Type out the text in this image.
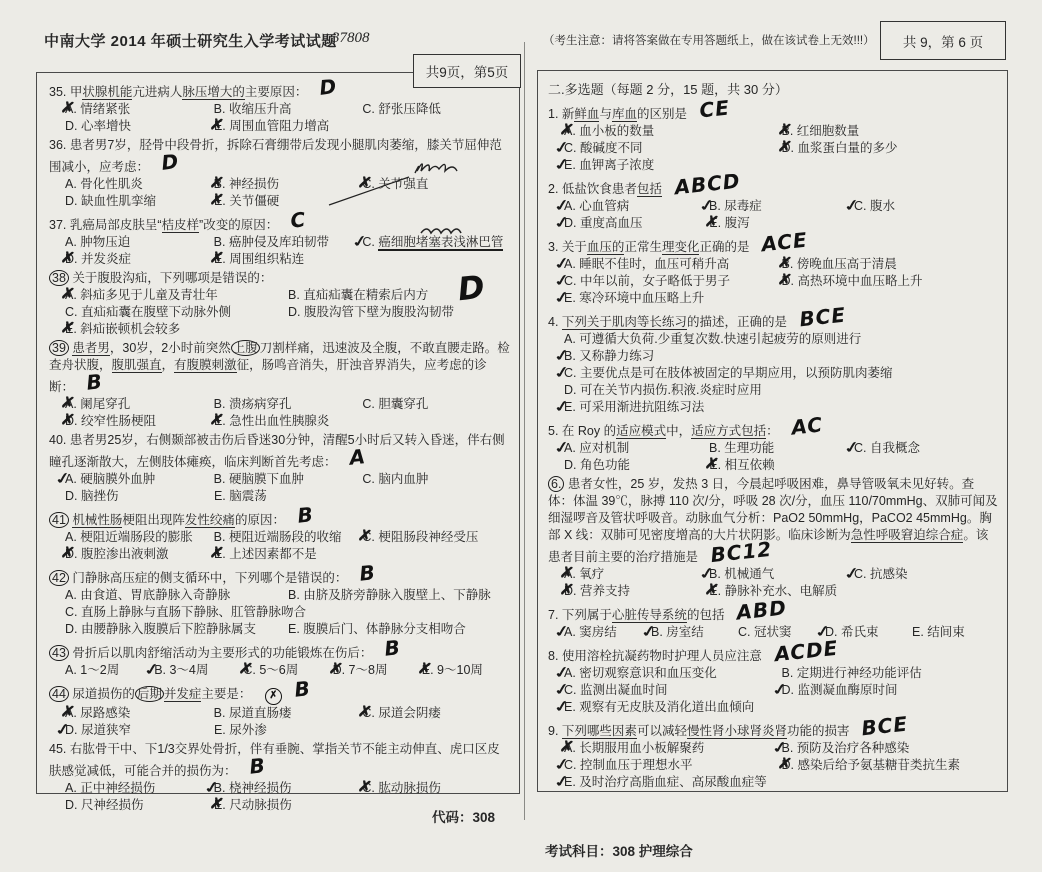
中南大学 2014 年硕士研究生入学考试试题
37808
共9页，第5页
35. 甲状腺机能亢进病人脉压增大的主要原因： D
A. ✗ 情绪紧张	B. 收缩压升高	C. 舒张压降低
D. 心率增快	E. ✗ 周围血管阻力增高
36. 患者男7岁，胫骨中段骨折，拆除石膏绷带后发现小腿肌肉萎缩，膝关节屈伸范围减小，应考虑： D
A. 骨化性肌炎	B. ✗ 神经损伤	C. ✗ 关节强直
D. 缺血性肌挛缩	E. ✗ 关节僵硬
37. 乳癌局部皮肤呈“桔皮样”改变的原因： C
A. 肿物压迫	B. 癌肿侵及库珀韧带	✓ C. 癌细胞堵塞表浅淋巴管
D. ✗ 并发炎症	E. ✗ 周围组织粘连
38 关于腹股沟疝，下列哪项是错误的：	D
A. ✗ 斜疝多见于儿童及青壮年	B. 直疝疝囊在精索后内方
C. 直疝疝囊在腹壁下动脉外侧	D. 腹股沟管下壁为腹股沟韧带
E. ✗ 斜疝嵌顿机会较多
39 患者男，30岁，2小时前突然 上腹 刀割样痛，迅速波及全腹，不敢直腰走路。检查舟状腹，腹肌强直，有腹膜刺激征，肠鸣音消失，肝浊音界消失，应考虑的诊断： B
A. ✗ 阑尾穿孔	B. 溃疡病穿孔	C. 胆囊穿孔
D. ✗ 绞窄性肠梗阻	E. ✗ 急性出血性胰腺炎
40. 患者男25岁，右侧颞部被击伤后昏迷30分钟，清醒5小时后又转入昏迷，伴右侧瞳孔逐渐散大，左侧肢体瘫痪，临床判断首先考虑： A
✓ A. 硬脑膜外血肿	B. 硬脑膜下血肿	C. 脑内血肿
D. 脑挫伤	E. 脑震荡
41 机械性肠梗阻出现阵发性绞痛的原因： B
A. 梗阻近端肠段的膨胀	B. 梗阻近端肠段的收缩	C. ✗ 梗阻肠段神经受压
D. ✗ 腹腔渗出液刺激	E. ✗ 上述因素都不是
42 门静脉高压症的侧支循环中，下列哪个是错误的： B
A. 由食道、胃底静脉入奇静脉	B. 由脐及脐旁静脉入腹壁上、下静脉
C. 直肠上静脉与直肠下静脉、肛管静脉吻合
D. 由腰静脉入腹膜后下腔静脉属支	E. 腹膜后门、体静脉分支相吻合
43 骨折后以肌肉舒缩活动为主要形式的功能锻炼在伤后： B
A. 1～2周	✓ B. 3～4周	C. ✗ 5～6周	D. ✗ 7～8周	E. ✗ 9～10周
44 尿道损伤的 后期 并发症主要是： ✗ B
A. ✗ 尿路感染	B. 尿道直肠瘘	C. ✗ 尿道会阴瘘
✓ D. 尿道狭窄	E. 尿外渗
45. 右肱骨干中、下1/3交界处骨折，伴有垂腕、掌指关节不能主动伸直、虎口区皮肤感觉减低，可能合并的损伤为： B
A. 正中神经损伤	✓ B. 桡神经损伤	C. ✗ 肱动脉损伤
D. 尺神经损伤	E. ✗ 尺动脉损伤
代码：308
（考生注意：请将答案做在专用答题纸上，做在该试卷上无效!!!）	共 9，第 6 页
二.多选题（每题 2 分，15 题，共 30 分）
1. 新鲜血与库血的区别是 CE
A. ✗ 血小板的数量	B. ✗ 红细胞数量
✓ C. 酸碱度不同	D. ✗ 血浆蛋白量的多少
✓ E. 血钾离子浓度
2. 低盐饮食患者包括 ABCD
✓ A. 心血管病	✓ B. 尿毒症	✓ C. 腹水
✓ D. 重度高血压	E. ✗ 腹泻
3. 关于血压的正常生理变化正确的是 ACE
✓ A. 睡眠不佳时，血压可稍升高	B. ✗ 傍晚血压高于清晨
✓ C. 中年以前，女子略低于男子	D. ✗ 高热环境中血压略上升
✓ E. 寒冷环境中血压略上升
4. 下列关于肌肉等长练习的描述，正确的是 BCE
A. 可遵循大负荷.少重复次数.快速引起疲劳的原则进行
✓ B. 又称静力练习
✓ C. 主要优点是可在肢体被固定的早期应用，以预防肌肉萎缩
D. 可在关节内损伤.积液.炎症时应用
✓ E. 可采用渐进抗阻练习法
5. 在 Roy 的适应模式中，适应方式包括： AC
✓ A. 应对机制	B. 生理功能	✓ C. 自我概念
D. 角色功能	E. ✗ 相互依赖
6. 患者女性，25 岁，发热 3 日，今晨起呼吸困难，鼻导管吸氧未见好转。查体：体温 39℃，脉搏 110 次/分，呼吸 28 次/分，血压 110/70mmHg、双肺可闻及细湿啰音及管状呼吸音。动脉血气分析：PaO2 50mmHg，PaCO2 45mmHg。胸部 X 线：双肺可见密度增高的大片状阴影。临床诊断为急性呼吸窘迫综合症。该患者目前主要的治疗措施是 BC12
A. ✗ 氧疗	✓ B. 机械通气	✓ C. 抗感染
D. ✗ 营养支持	E. ✗ 静脉补充水、电解质
7. 下列属于心脏传导系统的包括 ABD
✓ A. 窦房结	✓ B. 房室结	C. 冠状窦	✓ D. 希氏束	E. 结间束
8. 使用溶栓抗凝药物时护理人员应注意 ACDE
✓ A. 密切观察意识和血压变化	B. 定期进行神经功能评估
✓ C. 监测出凝血时间	✓ D. 监测凝血酶原时间
✓ E. 观察有无皮肤及消化道出血倾向
9. 下列哪些因素可以减轻慢性肾小球肾炎肾功能的损害 BCE
A. ✗ 长期服用血小板解聚药	✓ B. 预防及治疗各种感染
✓ C. 控制血压于理想水平	D. ✗ 感染后给予氨基糖苷类抗生素
✓ E. 及时治疗高脂血症、高尿酸血症等
考试科目：308 护理综合
